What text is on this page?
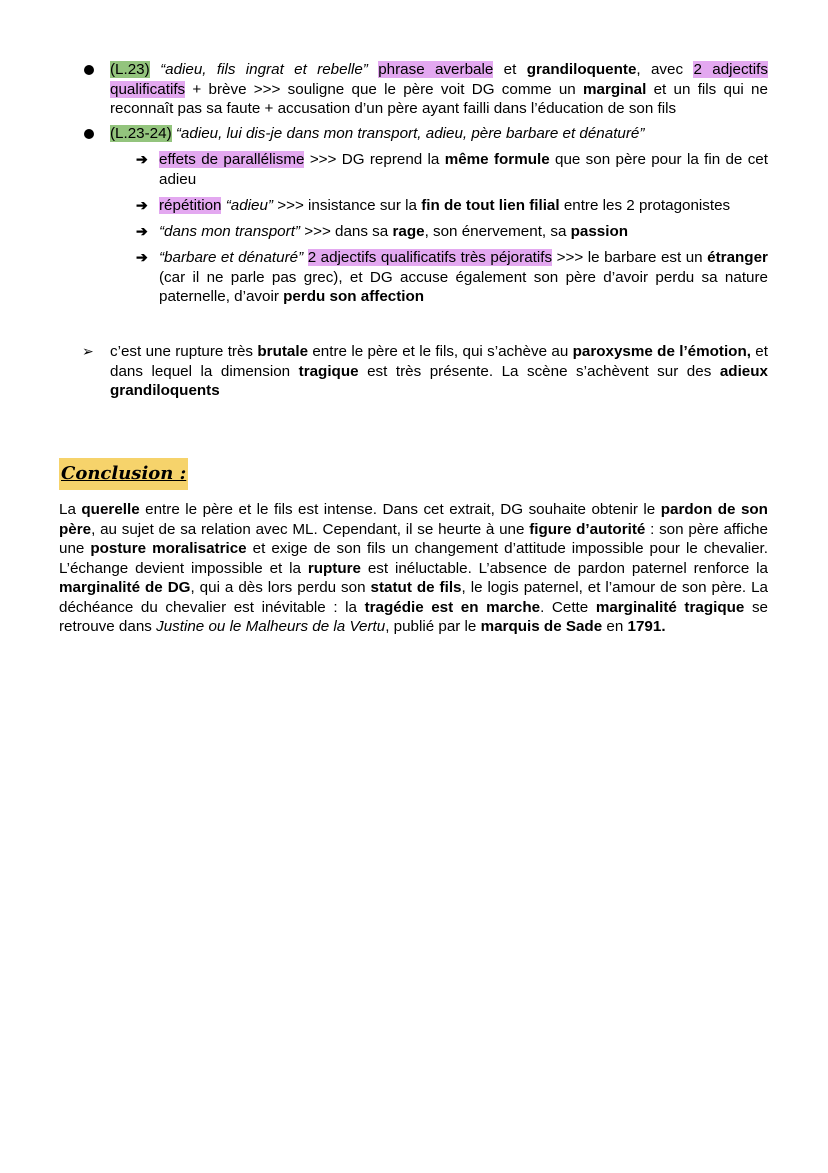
(L.23) “adieu, fils ingrat et rebelle” phrase averbale et grandiloquente, avec 2 adjectifs qualificatifs + brève >>> souligne que le père voit DG comme un marginal et un fils qui ne reconnaît pas sa faute + accusation d’un père ayant failli dans l’éducation de son fils

(L.23-24) “adieu, lui dis-je dans mon transport, adieu, père barbare et dénaturé”

➔ effets de parallélisme >>> DG reprend la même formule que son père pour la fin de cet adieu

➔ répétition “adieu” >>> insistance sur la fin de tout lien filial entre les 2 protagonistes

➔ “dans mon transport” >>> dans sa rage, son énervement, sa passion

➔ “barbare et dénaturé” 2 adjectifs qualificatifs très péjoratifs >>> le barbare est un étranger (car il ne parle pas grec), et DG accuse également son père d’avoir perdu sa nature paternelle, d’avoir perdu son affection

➢ c’est une rupture très brutale entre le père et le fils, qui s’achève au paroxysme de l’émotion, et dans lequel la dimension tragique est très présente. La scène s’achèvent sur des adieux grandiloquents

Conclusion :

La querelle entre le père et le fils est intense. Dans cet extrait, DG souhaite obtenir le pardon de son père, au sujet de sa relation avec ML. Cependant, il se heurte à une figure d’autorité : son père affiche une posture moralisatrice et exige de son fils un changement d’attitude impossible pour le chevalier. L’échange devient impossible et la rupture est inéluctable. L’absence de pardon paternel renforce la marginalité de DG, qui a dès lors perdu son statut de fils, le logis paternel, et l’amour de son père. La déchéance du chevalier est inévitable : la tragédie est en marche. Cette marginalité tragique se retrouve dans Justine ou le Malheurs de la Vertu, publié par le marquis de Sade en 1791.
